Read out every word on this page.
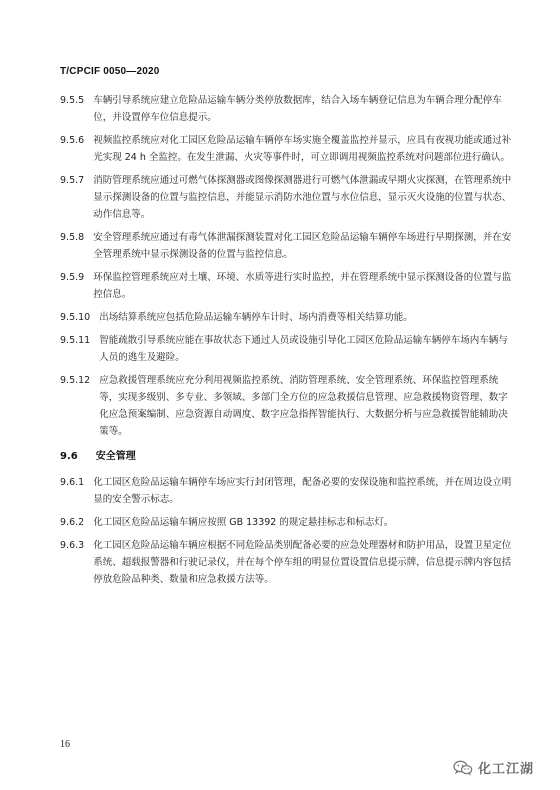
T/CPCIF 0050—2020
9.5.5 车辆引导系统应建立危险品运输车辆分类停放数据库，结合入场车辆登记信息为车辆合理分配停车位，并设置停车位信息提示。
9.5.6 视频监控系统应对化工园区危险品运输车辆停车场实施全覆盖监控并显示，应具有夜视功能或通过补光实现 24 h 全监控。在发生泄漏、火灾等事件时，可立即调用视频监控系统对问题部位进行确认。
9.5.7 消防管理系统应通过可燃气体探测器或图像探测器进行可燃气体泄漏或早期火灾探测，在管理系统中显示探测设备的位置与监控信息，并能显示消防水池位置与水位信息，显示灭火设施的位置与状态、动作信息等。
9.5.8 安全管理系统应通过有毒气体泄漏探测装置对化工园区危险品运输车辆停车场进行早期探测，并在安全管理系统中显示探测设备的位置与监控信息。
9.5.9 环保监控管理系统应对土壤、环境、水质等进行实时监控，并在管理系统中显示探测设备的位置与监控信息。
9.5.10 出场结算系统应包括危险品运输车辆停车计时、场内消费等相关结算功能。
9.5.11 智能疏散引导系统应能在事故状态下通过人员或设施引导化工园区危险品运输车辆停车场内车辆与人员的逃生及避险。
9.5.12 应急救援管理系统应充分利用视频监控系统、消防管理系统、安全管理系统、环保监控管理系统等，实现多级别、多专业、多领域、多部门全方位的应急救援信息管理、应急救援物资管理、数字化应急预案编制、应急资源自动调度、数字应急指挥智能执行、大数据分析与应急救援智能辅助决策等。
9.6 安全管理
9.6.1 化工园区危险品运输车辆停车场应实行封闭管理，配备必要的安保设施和监控系统，并在周边设立明显的安全警示标志。
9.6.2 化工园区危险品运输车辆应按照 GB 13392 的规定悬挂标志和标志灯。
9.6.3 化工园区危险品运输车辆应根据不同危险品类别配备必要的应急处理器材和防护用品，设置卫星定位系统、超载报警器和行驶记录仪，并在每个停车组的明显位置设置信息提示牌，信息提示牌内容包括停放危险品种类、数量和应急救援方法等。
16
化工江湖
